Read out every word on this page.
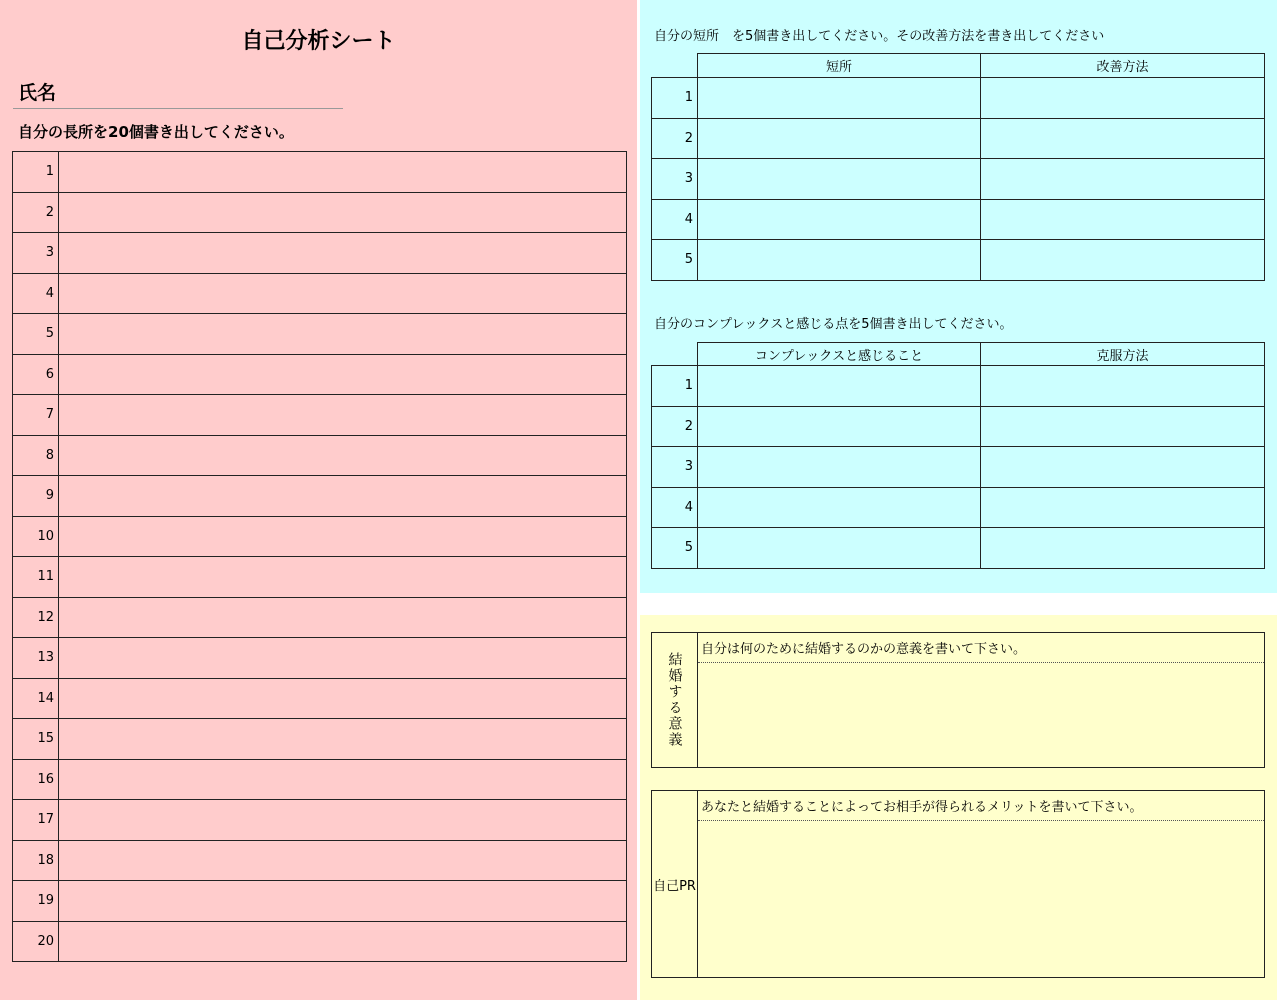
自己分析シート
氏名
自分の長所を20個書き出してください。
1	
2	
3	
4	
5	
6	
7	
8	
9	
10	
11	
12	
13	
14	
15	
16	
17	
18	
19	
20	
自分の短所　を5個書き出してください。その改善方法を書き出してください
	短所	改善方法
1		
2		
3		
4		
5		
自分のコンプレックスと感じる点を5個書き出してください。
	コンプレックスと感じること	克服方法
1		
2		
3		
4		
5		
結婚する意義
自分は何のために結婚するのかの意義を書いて下さい。
自己PR
あなたと結婚することによってお相手が得られるメリットを書いて下さい。
